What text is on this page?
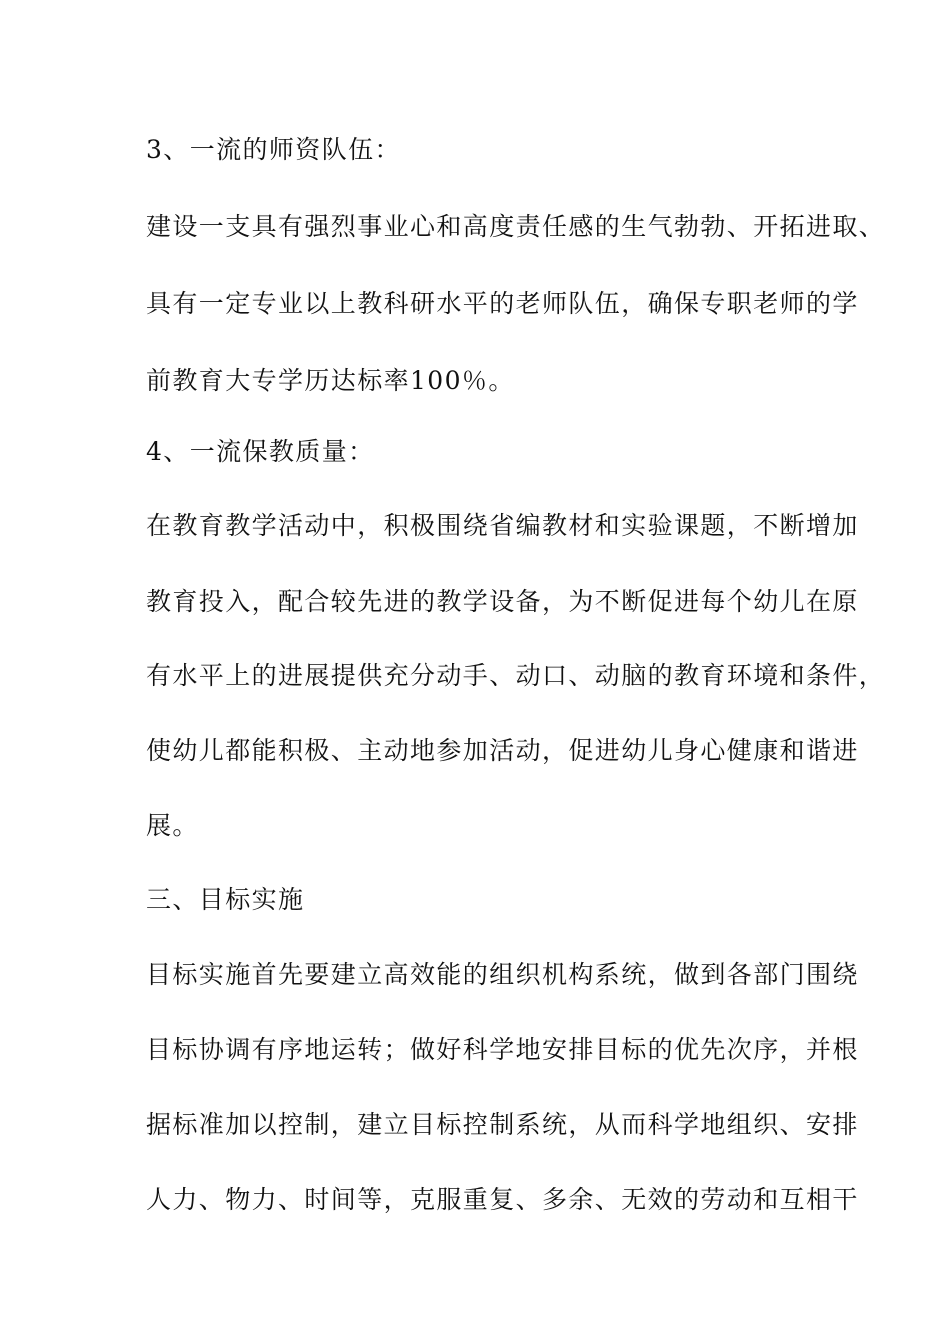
3、一流的师资队伍：

建设一支具有强烈事业心和高度责任感的生气勃勃、开拓进取、

具有一定专业以上教科研水平的老师队伍，确保专职老师的学

前教育大专学历达标率100％。

4、一流保教质量：

在教育教学活动中，积极围绕省编教材和实验课题，不断增加

教育投入，配合较先进的教学设备，为不断促进每个幼儿在原

有水平上的进展提供充分动手、动口、动脑的教育环境和条件，

使幼儿都能积极、主动地参加活动，促进幼儿身心健康和谐进

展。

三、目标实施

目标实施首先要建立高效能的组织机构系统，做到各部门围绕

目标协调有序地运转；做好科学地安排目标的优先次序，并根

据标准加以控制，建立目标控制系统，从而科学地组织、安排

人力、物力、时间等，克服重复、多余、无效的劳动和互相干
